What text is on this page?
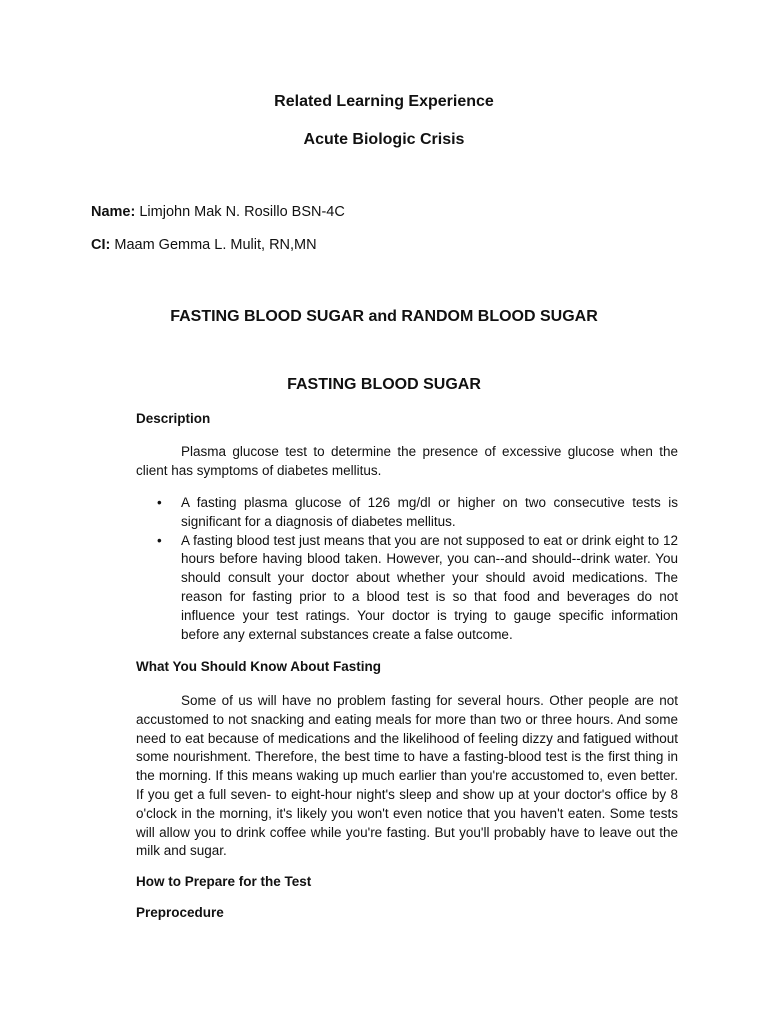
Related Learning Experience

Acute Biologic Crisis

Name: Limjohn Mak N. Rosillo BSN-4C

CI: Maam Gemma L. Mulit, RN,MN

FASTING BLOOD SUGAR and RANDOM BLOOD SUGAR

FASTING BLOOD SUGAR

Description

Plasma glucose test to determine the presence of excessive glucose when the client has symptoms of diabetes mellitus.

• A fasting plasma glucose of 126 mg/dl or higher on two consecutive tests is significant for a diagnosis of diabetes mellitus.
• A fasting blood test just means that you are not supposed to eat or drink eight to 12 hours before having blood taken. However, you can--and should--drink water. You should consult your doctor about whether your should avoid medications. The reason for fasting prior to a blood test is so that food and beverages do not influence your test ratings. Your doctor is trying to gauge specific information before any external substances create a false outcome.

What You Should Know About Fasting

Some of us will have no problem fasting for several hours. Other people are not accustomed to not snacking and eating meals for more than two or three hours. And some need to eat because of medications and the likelihood of feeling dizzy and fatigued without some nourishment. Therefore, the best time to have a fasting-blood test is the first thing in the morning. If this means waking up much earlier than you're accustomed to, even better. If you get a full seven- to eight-hour night's sleep and show up at your doctor's office by 8 o'clock in the morning, it's likely you won't even notice that you haven't eaten. Some tests will allow you to drink coffee while you're fasting. But you'll probably have to leave out the milk and sugar.

How to Prepare for the Test

Preprocedure
